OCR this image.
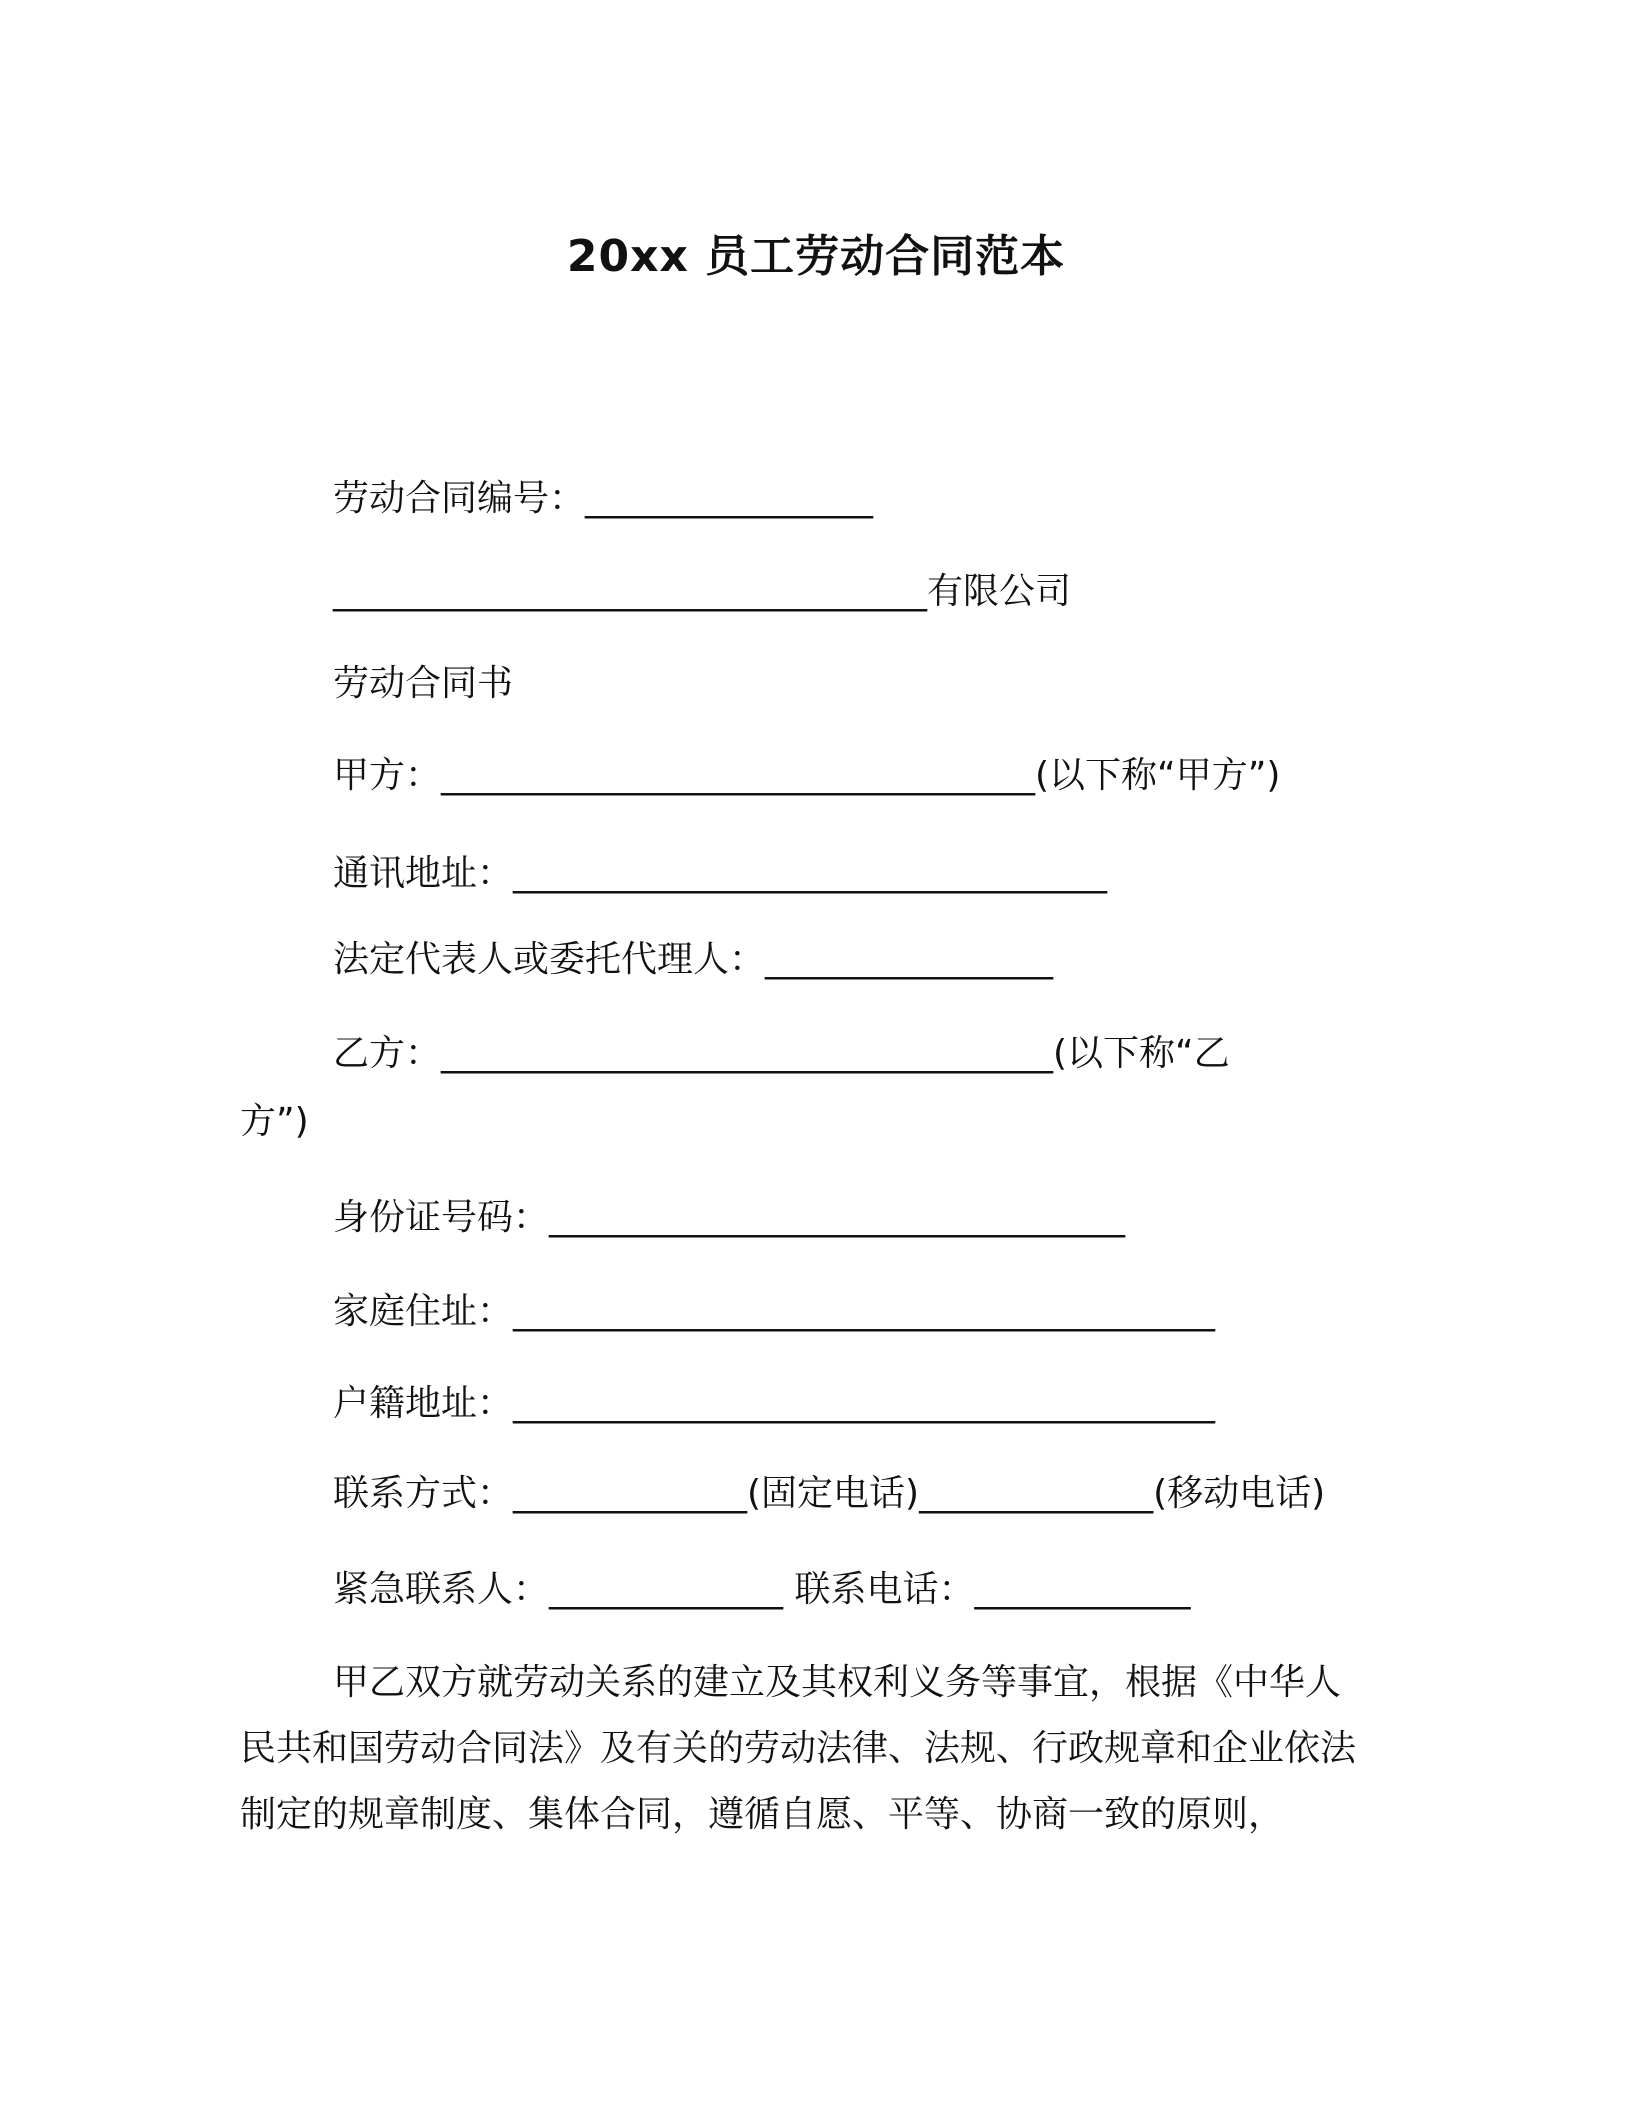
20xx 员工劳动合同范本
劳动合同编号：________________
_________________________________有限公司
劳动合同书
甲方：_________________________________(以下称“甲方”)
通讯地址：_________________________________
法定代表人或委托代理人：________________
乙方：__________________________________(以下称“乙
方”)
身份证号码：________________________________
家庭住址：_______________________________________
户籍地址：_______________________________________
联系方式：_____________(固定电话)_____________(移动电话)
紧急联系人：_____________ 联系电话：____________
甲乙双方就劳动关系的建立及其权利义务等事宜，根据《中华人民共和国劳动合同法》及有关的劳动法律、法规、行政规章和企业依法制定的规章制度、集体合同，遵循自愿、平等、协商一致的原则，
